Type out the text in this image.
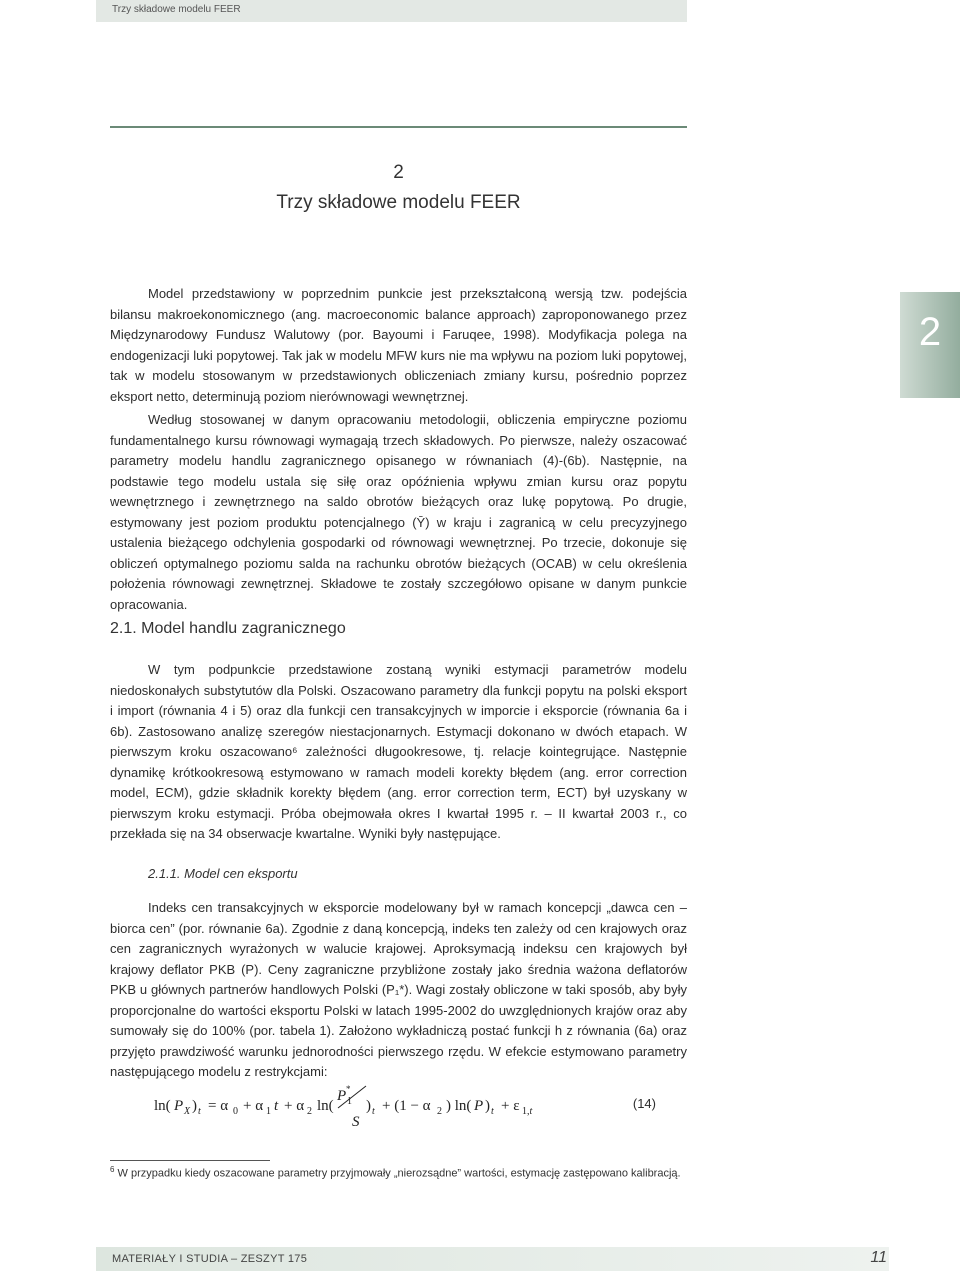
Trzy składowe modelu FEER
2
2
Trzy składowe modelu FEER

Model przedstawiony w poprzednim punkcie jest przekształconą wersją tzw. podejścia bilansu makroekonomicznego (ang. macroeconomic balance approach) zaproponowanego przez Międzynarodowy Fundusz Walutowy (por. Bayoumi i Faruqee, 1998). Modyfikacja polega na endogenizacji luki popytowej. Tak jak w modelu MFW kurs nie ma wpływu na poziom luki popytowej, tak w modelu stosowanym w przedstawionych obliczeniach zmiany kursu, pośrednio poprzez eksport netto, determinują poziom nierównowagi wewnętrznej.

Według stosowanej w danym opracowaniu metodologii, obliczenia empiryczne poziomu fundamentalnego kursu równowagi wymagają trzech składowych. Po pierwsze, należy oszacować parametry modelu handlu zagranicznego opisanego w równaniach (4)-(6b). Następnie, na podstawie tego modelu ustala się siłę oraz opóźnienia wpływu zmian kursu oraz popytu wewnętrznego i zewnętrznego na saldo obrotów bieżących oraz lukę popytową. Po drugie, estymowany jest poziom produktu potencjalnego (Ȳ) w kraju i zagranicą w celu precyzyjnego ustalenia bieżącego odchylenia gospodarki od równowagi wewnętrznej. Po trzecie, dokonuje się obliczeń optymalnego poziomu salda na rachunku obrotów bieżących (OCAB) w celu określenia położenia równowagi zewnętrznej. Składowe te zostały szczegółowo opisane w danym punkcie opracowania.

2.1. Model handlu zagranicznego

W tym podpunkcie przedstawione zostaną wyniki estymacji parametrów modelu niedoskonałych substytutów dla Polski. Oszacowano parametry dla funkcji popytu na polski eksport i import (równania 4 i 5) oraz dla funkcji cen transakcyjnych w imporcie i eksporcie (równania 6a i 6b). Zastosowano analizę szeregów niestacjonarnych. Estymacji dokonano w dwóch etapach. W pierwszym kroku oszacowano⁶ zależności długookresowe, tj. relacje kointegrujące. Następnie dynamikę krótkookresową estymowano w ramach modeli korekty błędem (ang. error correction model, ECM), gdzie składnik korekty błędem (ang. error correction term, ECT) był uzyskany w pierwszym kroku estymacji. Próba obejmowała okres I kwartał 1995 r. – II kwartał 2003 r., co przekłada się na 34 obserwacje kwartalne. Wyniki były następujące.

2.1.1. Model cen eksportu

Indeks cen transakcyjnych w eksporcie modelowany był w ramach koncepcji „dawca cen – biorca cen” (por. równanie 6a). Zgodnie z daną koncepcją, indeks ten zależy od cen krajowych oraz cen zagranicznych wyrażonych w walucie krajowej. Aproksymacją indeksu cen krajowych był krajowy deflator PKB (P). Ceny zagraniczne przybliżone zostały jako średnia ważona deflatorów PKB u głównych partnerów handlowych Polski (P₁*). Wagi zostały obliczone w taki sposób, aby były proporcjonalne do wartości eksportu Polski w latach 1995-2002 do uwzględnionych krajów oraz aby sumowały się do 100% (por. tabela 1). Założono wykładniczą postać funkcji h z równania (6a) oraz przyjęto prawdziwość warunku jednorodności pierwszego rzędu. W efekcie estymowano parametry następującego modelu z restrykcjami:

ln( P X ) t = α 0 + α 1 t + α 2 ln(
P *
1
S
) t + (1 − α 2 ) ln( P ) t + ε 1,t
(14)
$^6$ W przypadku kiedy oszacowane parametry przyjmowały „nierozsądne” wartości, estymację zastępowano kalibracją.
MATERIAŁY I STUDIA – ZESZYT 175	11
